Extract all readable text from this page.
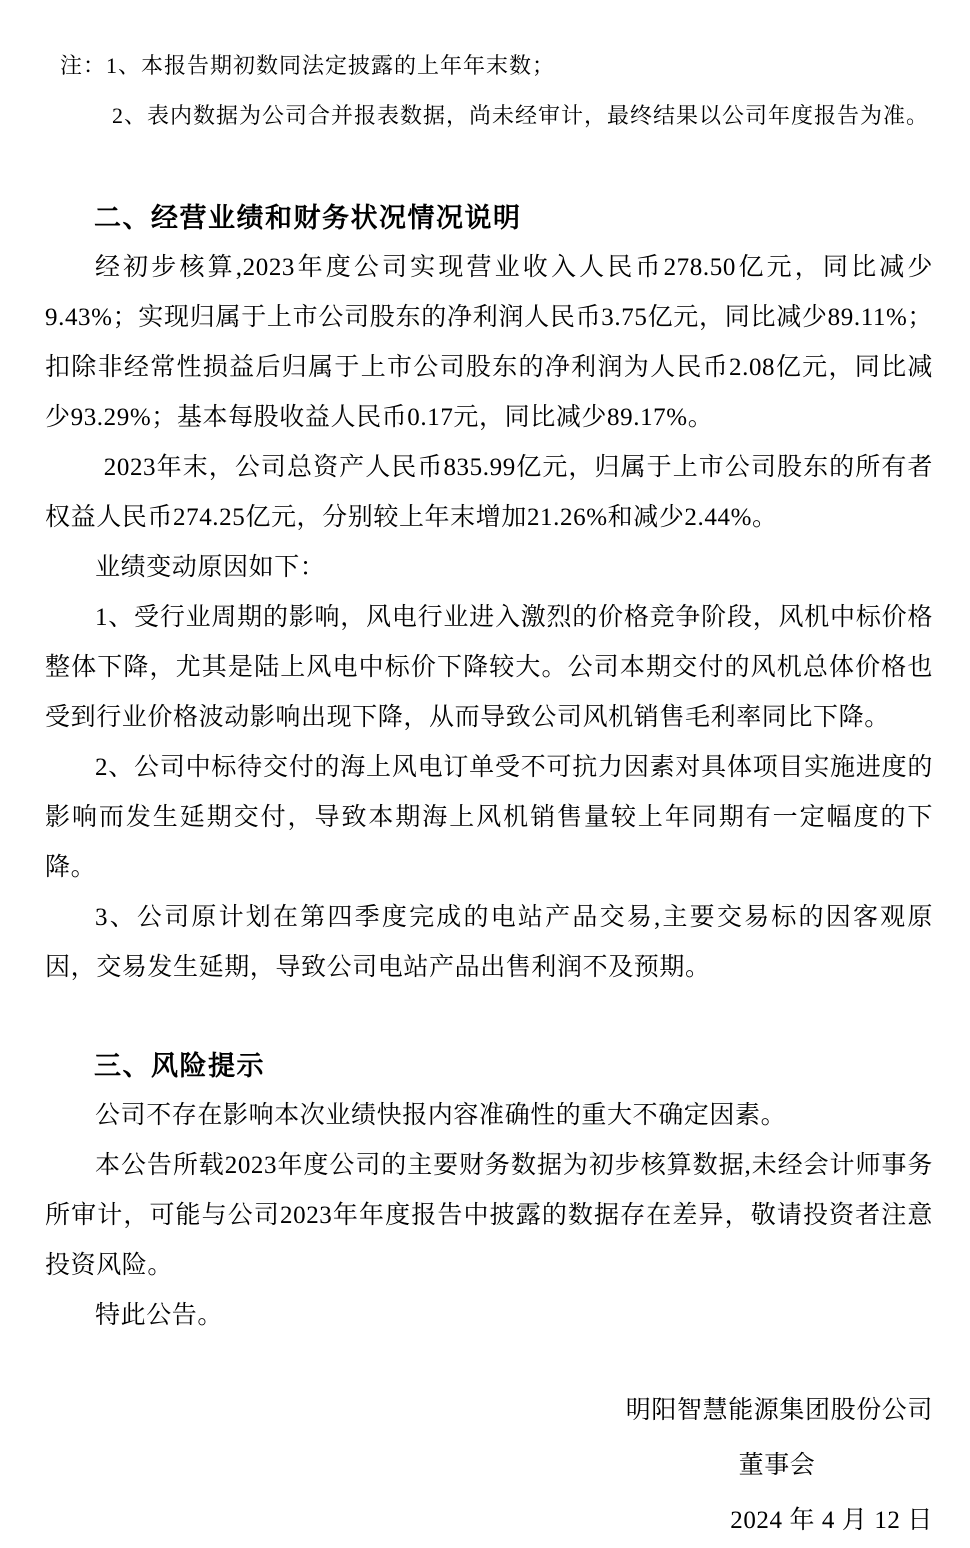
注：1、本报告期初数同法定披露的上年年末数；
2、表内数据为公司合并报表数据，尚未经审计，最终结果以公司年度报告为准。
二、经营业绩和财务状况情况说明

经初步核算,2023年度公司实现营业收入人民币278.50亿元，同比减少9.43%；实现归属于上市公司股东的净利润人民币3.75亿元，同比减少89.11%；扣除非经常性损益后归属于上市公司股东的净利润为人民币2.08亿元，同比减少93.29%；基本每股收益人民币0.17元，同比减少89.17%。

2023年末，公司总资产人民币835.99亿元，归属于上市公司股东的所有者权益人民币274.25亿元，分别较上年末增加21.26%和减少2.44%。

业绩变动原因如下：

1、受行业周期的影响，风电行业进入激烈的价格竞争阶段，风机中标价格整体下降，尤其是陆上风电中标价下降较大。公司本期交付的风机总体价格也受到行业价格波动影响出现下降，从而导致公司风机销售毛利率同比下降。

2、公司中标待交付的海上风电订单受不可抗力因素对具体项目实施进度的影响而发生延期交付，导致本期海上风机销售量较上年同期有一定幅度的下降。

3、公司原计划在第四季度完成的电站产品交易,主要交易标的因客观原因，交易发生延期，导致公司电站产品出售利润不及预期。

三、风险提示

公司不存在影响本次业绩快报内容准确性的重大不确定因素。

本公告所载2023年度公司的主要财务数据为初步核算数据,未经会计师事务所审计，可能与公司2023年年度报告中披露的数据存在差异，敬请投资者注意投资风险。

特此公告。

明阳智慧能源集团股份公司
董事会
2024 年 4 月 12 日
